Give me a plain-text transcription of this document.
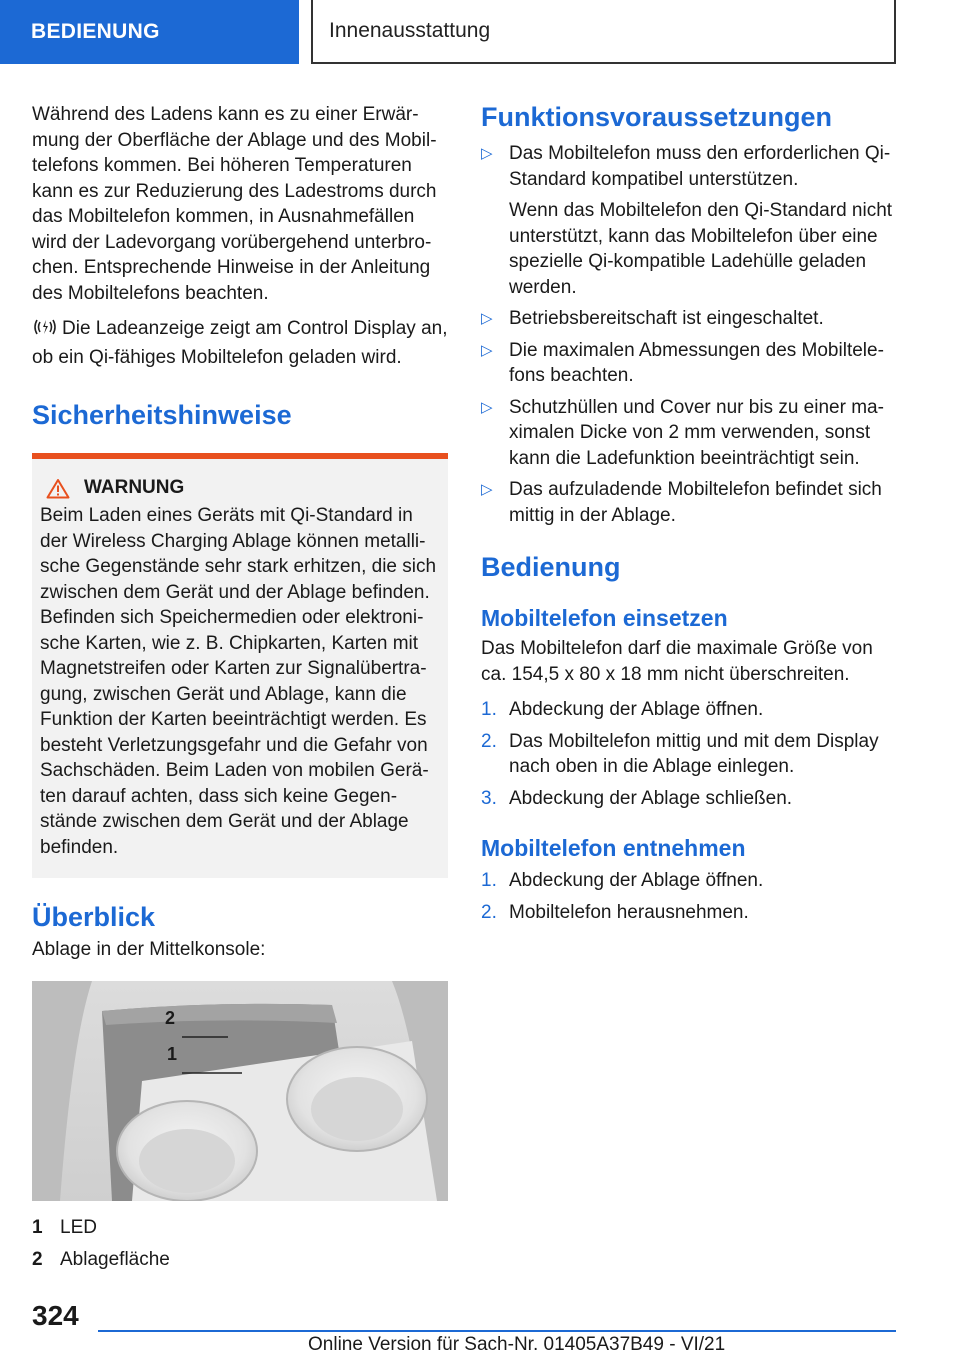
BEDIENUNG	Innenausstattung

Während des Ladens kann es zu einer Erwärmung der Oberfläche der Ablage und des Mobiltelefons kommen. Bei höheren Temperaturen kann es zur Reduzierung des Ladestroms durch das Mobiltelefon kommen, in Ausnahmefällen wird der Ladevorgang vorübergehend unterbrochen. Entsprechende Hinweise in der Anleitung des Mobiltelefons beachten.

Die Ladeanzeige zeigt am Control Display an, ob ein Qi-fähiges Mobiltelefon geladen wird.

Sicherheitshinweise
WARNUNG

Beim Laden eines Geräts mit Qi-Standard in der Wireless Charging Ablage können metallische Gegenstände sehr stark erhitzen, die sich zwischen dem Gerät und der Ablage befinden. Befinden sich Speichermedien oder elektronische Karten, wie z. B. Chipkarten, Karten mit Magnetstreifen oder Karten zur Signalübertragung, zwischen Gerät und Ablage, kann die Funktion der Karten beeinträchtigt werden. Es besteht Verletzungsgefahr und die Gefahr von Sachschäden. Beim Laden von mobilen Geräten darauf achten, dass sich keine Gegenstände zwischen dem Gerät und der Ablage befinden.

Überblick

Ablage in der Mittelkonsole:

2
1
1 LED
2 Ablagefläche
Funktionsvoraussetzungen
▷ Das Mobiltelefon muss den erforderlichen Qi-Standard kompatibel unterstützen.
Wenn das Mobiltelefon den Qi-Standard nicht unterstützt, kann das Mobiltelefon über eine spezielle Qi-kompatible Ladehülle geladen werden.
▷ Betriebsbereitschaft ist eingeschaltet.
▷ Die maximalen Abmessungen des Mobiltelefons beachten.
▷ Schutzhüllen und Cover nur bis zu einer maximalen Dicke von 2 mm verwenden, sonst kann die Ladefunktion beeinträchtigt sein.
▷ Das aufzuladende Mobiltelefon befindet sich mittig in der Ablage.
Bedienung
Mobiltelefon einsetzen

Das Mobiltelefon darf die maximale Größe von ca. 154,5 x 80 x 18 mm nicht überschreiten.

1. Abdeckung der Ablage öffnen.
2. Das Mobiltelefon mittig und mit dem Display nach oben in die Ablage einlegen.
3. Abdeckung der Ablage schließen.
Mobiltelefon entnehmen
1. Abdeckung der Ablage öffnen.
2. Mobiltelefon herausnehmen.
324
Online Version für Sach-Nr. 01405A37B49 - VI/21
